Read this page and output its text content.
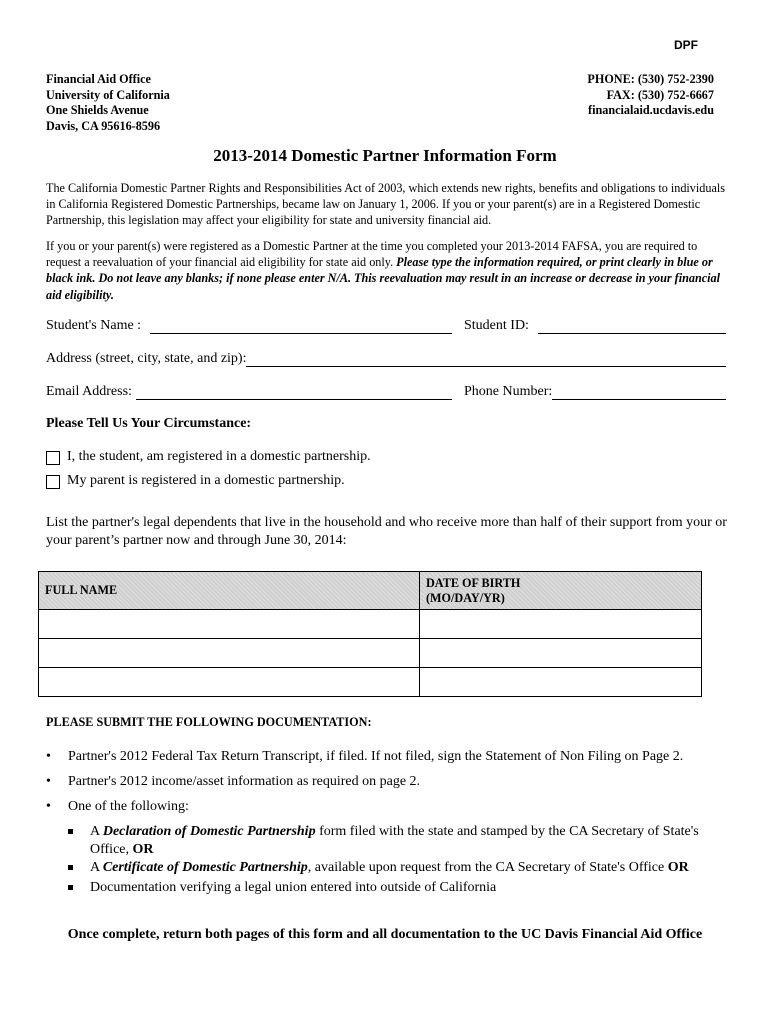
DPF
Financial Aid Office
University of California
One Shields Avenue
Davis, CA 95616-8596
PHONE: (530) 752-2390
FAX: (530) 752-6667
financialaid.ucdavis.edu
2013-2014 Domestic Partner Information Form
The California Domestic Partner Rights and Responsibilities Act of 2003, which extends new rights, benefits and obligations to individuals in California Registered Domestic Partnerships, became law on January 1, 2006. If you or your parent(s) are in a Registered Domestic Partnership, this legislation may affect your eligibility for state and university financial aid.
If you or your parent(s) were registered as a Domestic Partner at the time you completed your 2013-2014 FAFSA, you are required to request a reevaluation of your financial aid eligibility for state aid only. Please type the information required, or print clearly in blue or black ink. Do not leave any blanks; if none please enter N/A. This reevaluation may result in an increase or decrease in your financial aid eligibility.
Student's Name :	Student ID:
Address (street, city, state, and zip):
Email Address:	Phone Number:
Please Tell Us Your Circumstance:
I, the student, am registered in a domestic partnership.
My parent is registered in a domestic partnership.
List the partner's legal dependents that live in the household and who receive more than half of their support from your or your parent’s partner now and through June 30, 2014:
FULL NAME	DATE OF BIRTH
(MO/DAY/YR)

PLEASE SUBMIT THE FOLLOWING DOCUMENTATION:
• Partner's 2012 Federal Tax Return Transcript, if filed. If not filed, sign the Statement of Non Filing on Page 2.
• Partner's 2012 income/asset information as required on page 2.
• One of the following:
A Declaration of Domestic Partnership form filed with the state and stamped by the CA Secretary of State's Office, OR
A Certificate of Domestic Partnership, available upon request from the CA Secretary of State's Office OR
Documentation verifying a legal union entered into outside of California
Once complete, return both pages of this form and all documentation to the UC Davis Financial Aid Office
